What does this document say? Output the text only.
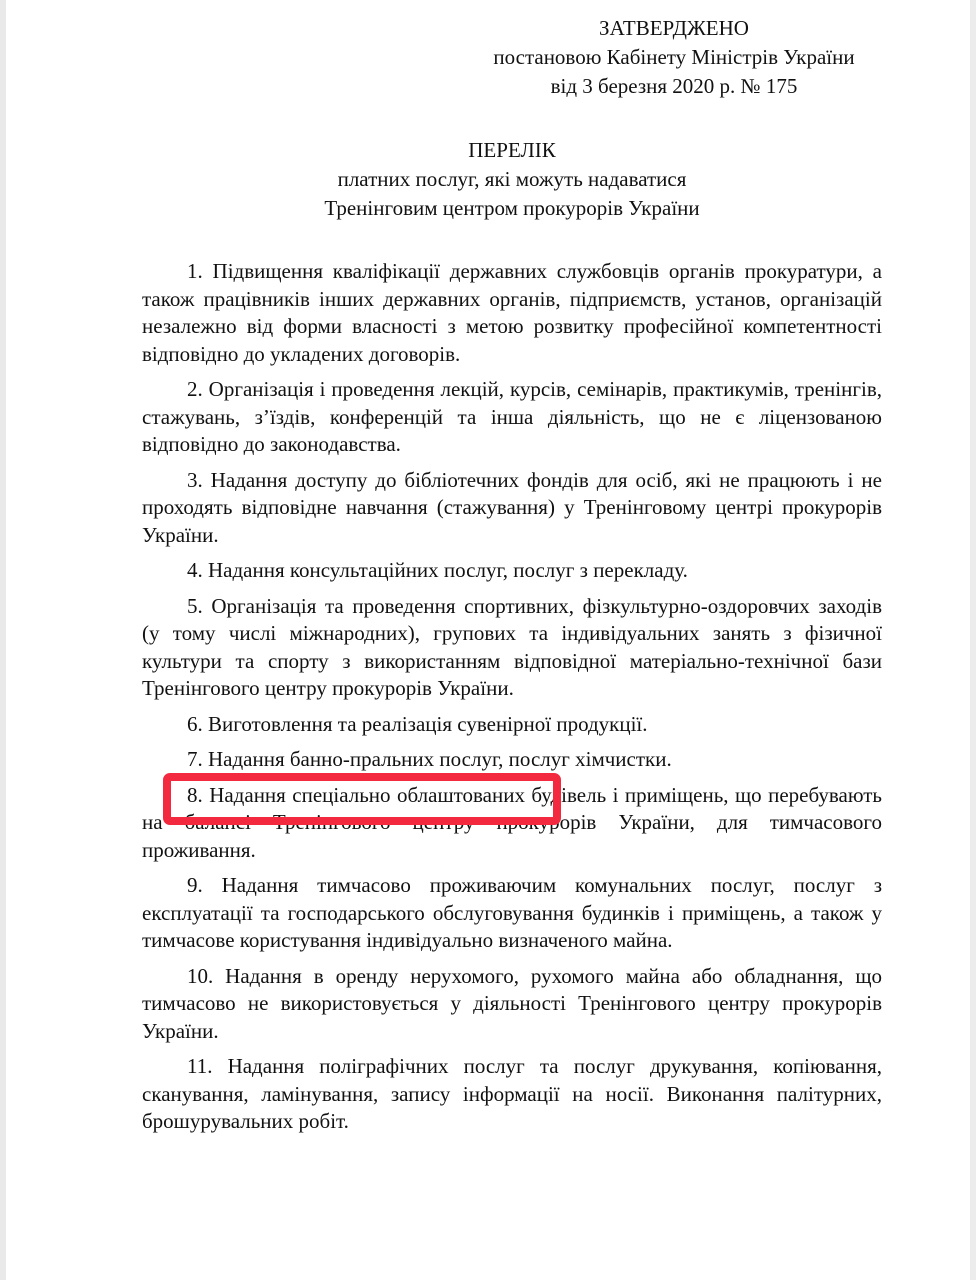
ЗАТВЕРДЖЕНО
постановою Кабінету Міністрів України
від 3 березня 2020 р. № 175
ПЕРЕЛІК
платних послуг, які можуть надаватися
Тренінговим центром прокурорів України

1. Підвищення кваліфікації державних службовців органів прокуратури, а також працівників інших державних органів, підприємств, установ, організацій незалежно від форми власності з метою розвитку професійної компетентності відповідно до укладених договорів.

2. Організація і проведення лекцій, курсів, семінарів, практикумів, тренінгів, стажувань, з’їздів, конференцій та інша діяльність, що не є ліцензованою відповідно до законодавства.

3. Надання доступу до бібліотечних фондів для осіб, які не працюють і не проходять відповідне навчання (стажування) у Тренінговому центрі прокурорів України.

4. Надання консультаційних послуг, послуг з перекладу.

5. Організація та проведення спортивних, фізкультурно-оздоровчих заходів (у тому числі міжнародних), групових та індивідуальних занять з фізичної культури та спорту з використанням відповідної матеріально-технічної бази Тренінгового центру прокурорів України.

6. Виготовлення та реалізація сувенірної продукції.

7. Надання банно-пральних послуг, послуг хімчистки.

8. Надання спеціально облаштованих будівель і приміщень, що перебувають на балансі Тренінгового центру прокурорів України, для тимчасового проживання.

9. Надання тимчасово проживаючим комунальних послуг, послуг з експлуатації та господарського обслуговування будинків і приміщень, а також у тимчасове користування індивідуально визначеного майна.

10. Надання в оренду нерухомого, рухомого майна або обладнання, що тимчасово не використовується у діяльності Тренінгового центру прокурорів України.

11. Надання поліграфічних послуг та послуг друкування, копіювання, сканування, ламінування, запису інформації на носії. Виконання палітурних, брошурувальних робіт.
